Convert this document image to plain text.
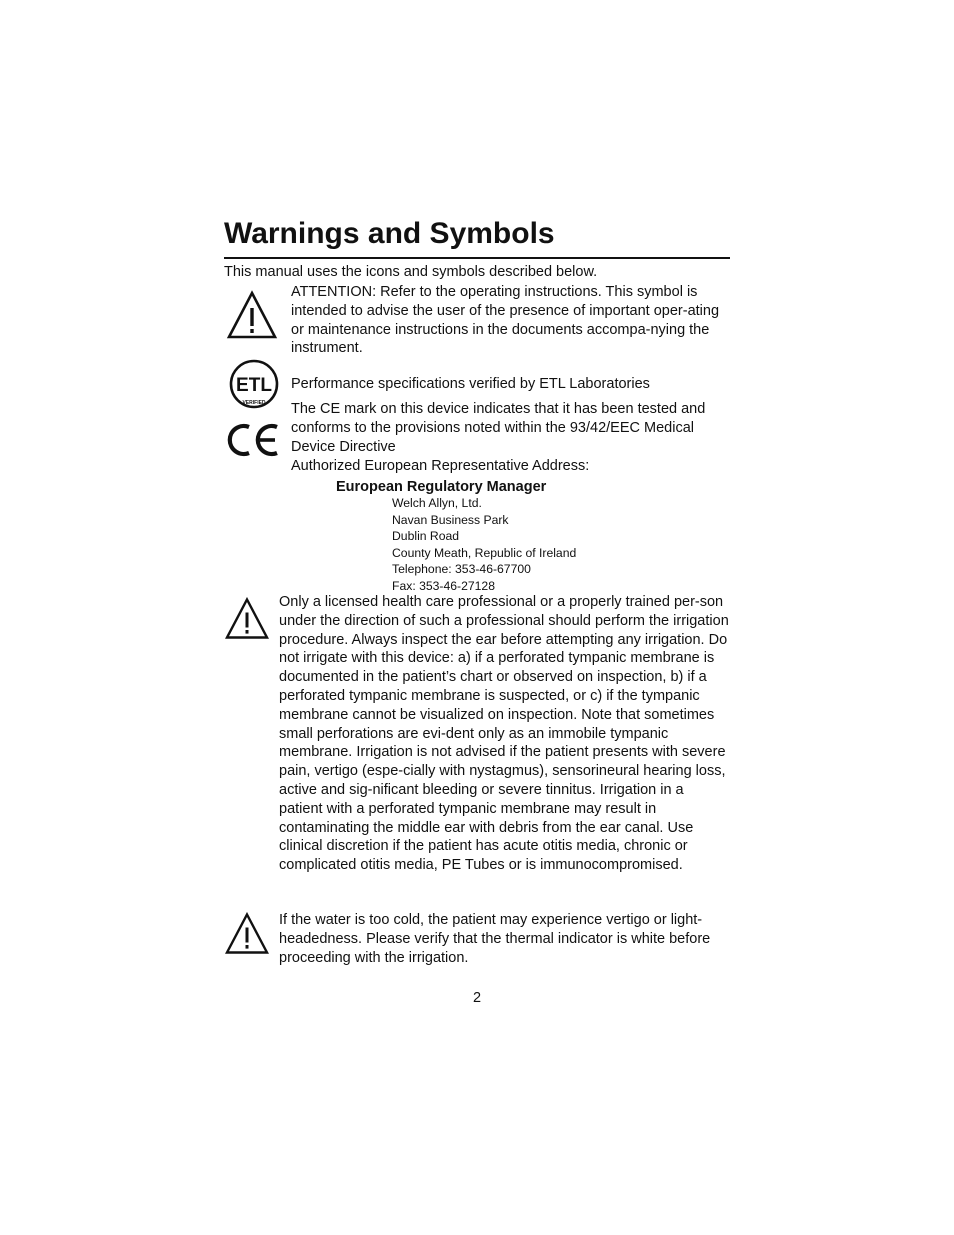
Warnings and Symbols

This manual uses the icons and symbols described below.

ATTENTION: Refer to the operating instructions. This symbol is intended to advise the user of the presence of important oper-ating or maintenance instructions in the documents accompa-nying the instrument.

ETL
VERIFIED

Performance specifications verified by ETL Laboratories

The CE mark on this device indicates that it has been tested and conforms to the provisions noted within the 93/42/EEC Medical Device Directive

Authorized European Representative Address:

European Regulatory Manager

Welch Allyn, Ltd.
Navan Business Park
Dublin Road
County Meath, Republic of Ireland
Telephone: 353-46-67700
Fax: 353-46-27128

Only a licensed health care professional or a properly trained per-son under the direction of such a professional should perform the irrigation procedure. Always inspect the ear before attempting any irrigation. Do not irrigate with this device: a) if a perforated tympanic membrane is documented in the patient’s chart or observed on inspection, b) if a perforated tympanic membrane is suspected, or c) if the tympanic membrane cannot be visualized on inspection. Note that sometimes small perforations are evi-dent only as an immobile tympanic membrane. Irrigation is not advised if the patient presents with severe pain, vertigo (espe-cially with nystagmus), sensorineural hearing loss, active and sig-nificant bleeding or severe tinnitus. Irrigation in a patient with a perforated tympanic membrane may result in contaminating the middle ear with debris from the ear canal. Use clinical discretion if the patient has acute otitis media, chronic or complicated otitis media, PE Tubes or is immunocompromised.

If the water is too cold, the patient may experience vertigo or light-headedness. Please verify that the thermal indicator is white before proceeding with the irrigation.

2
